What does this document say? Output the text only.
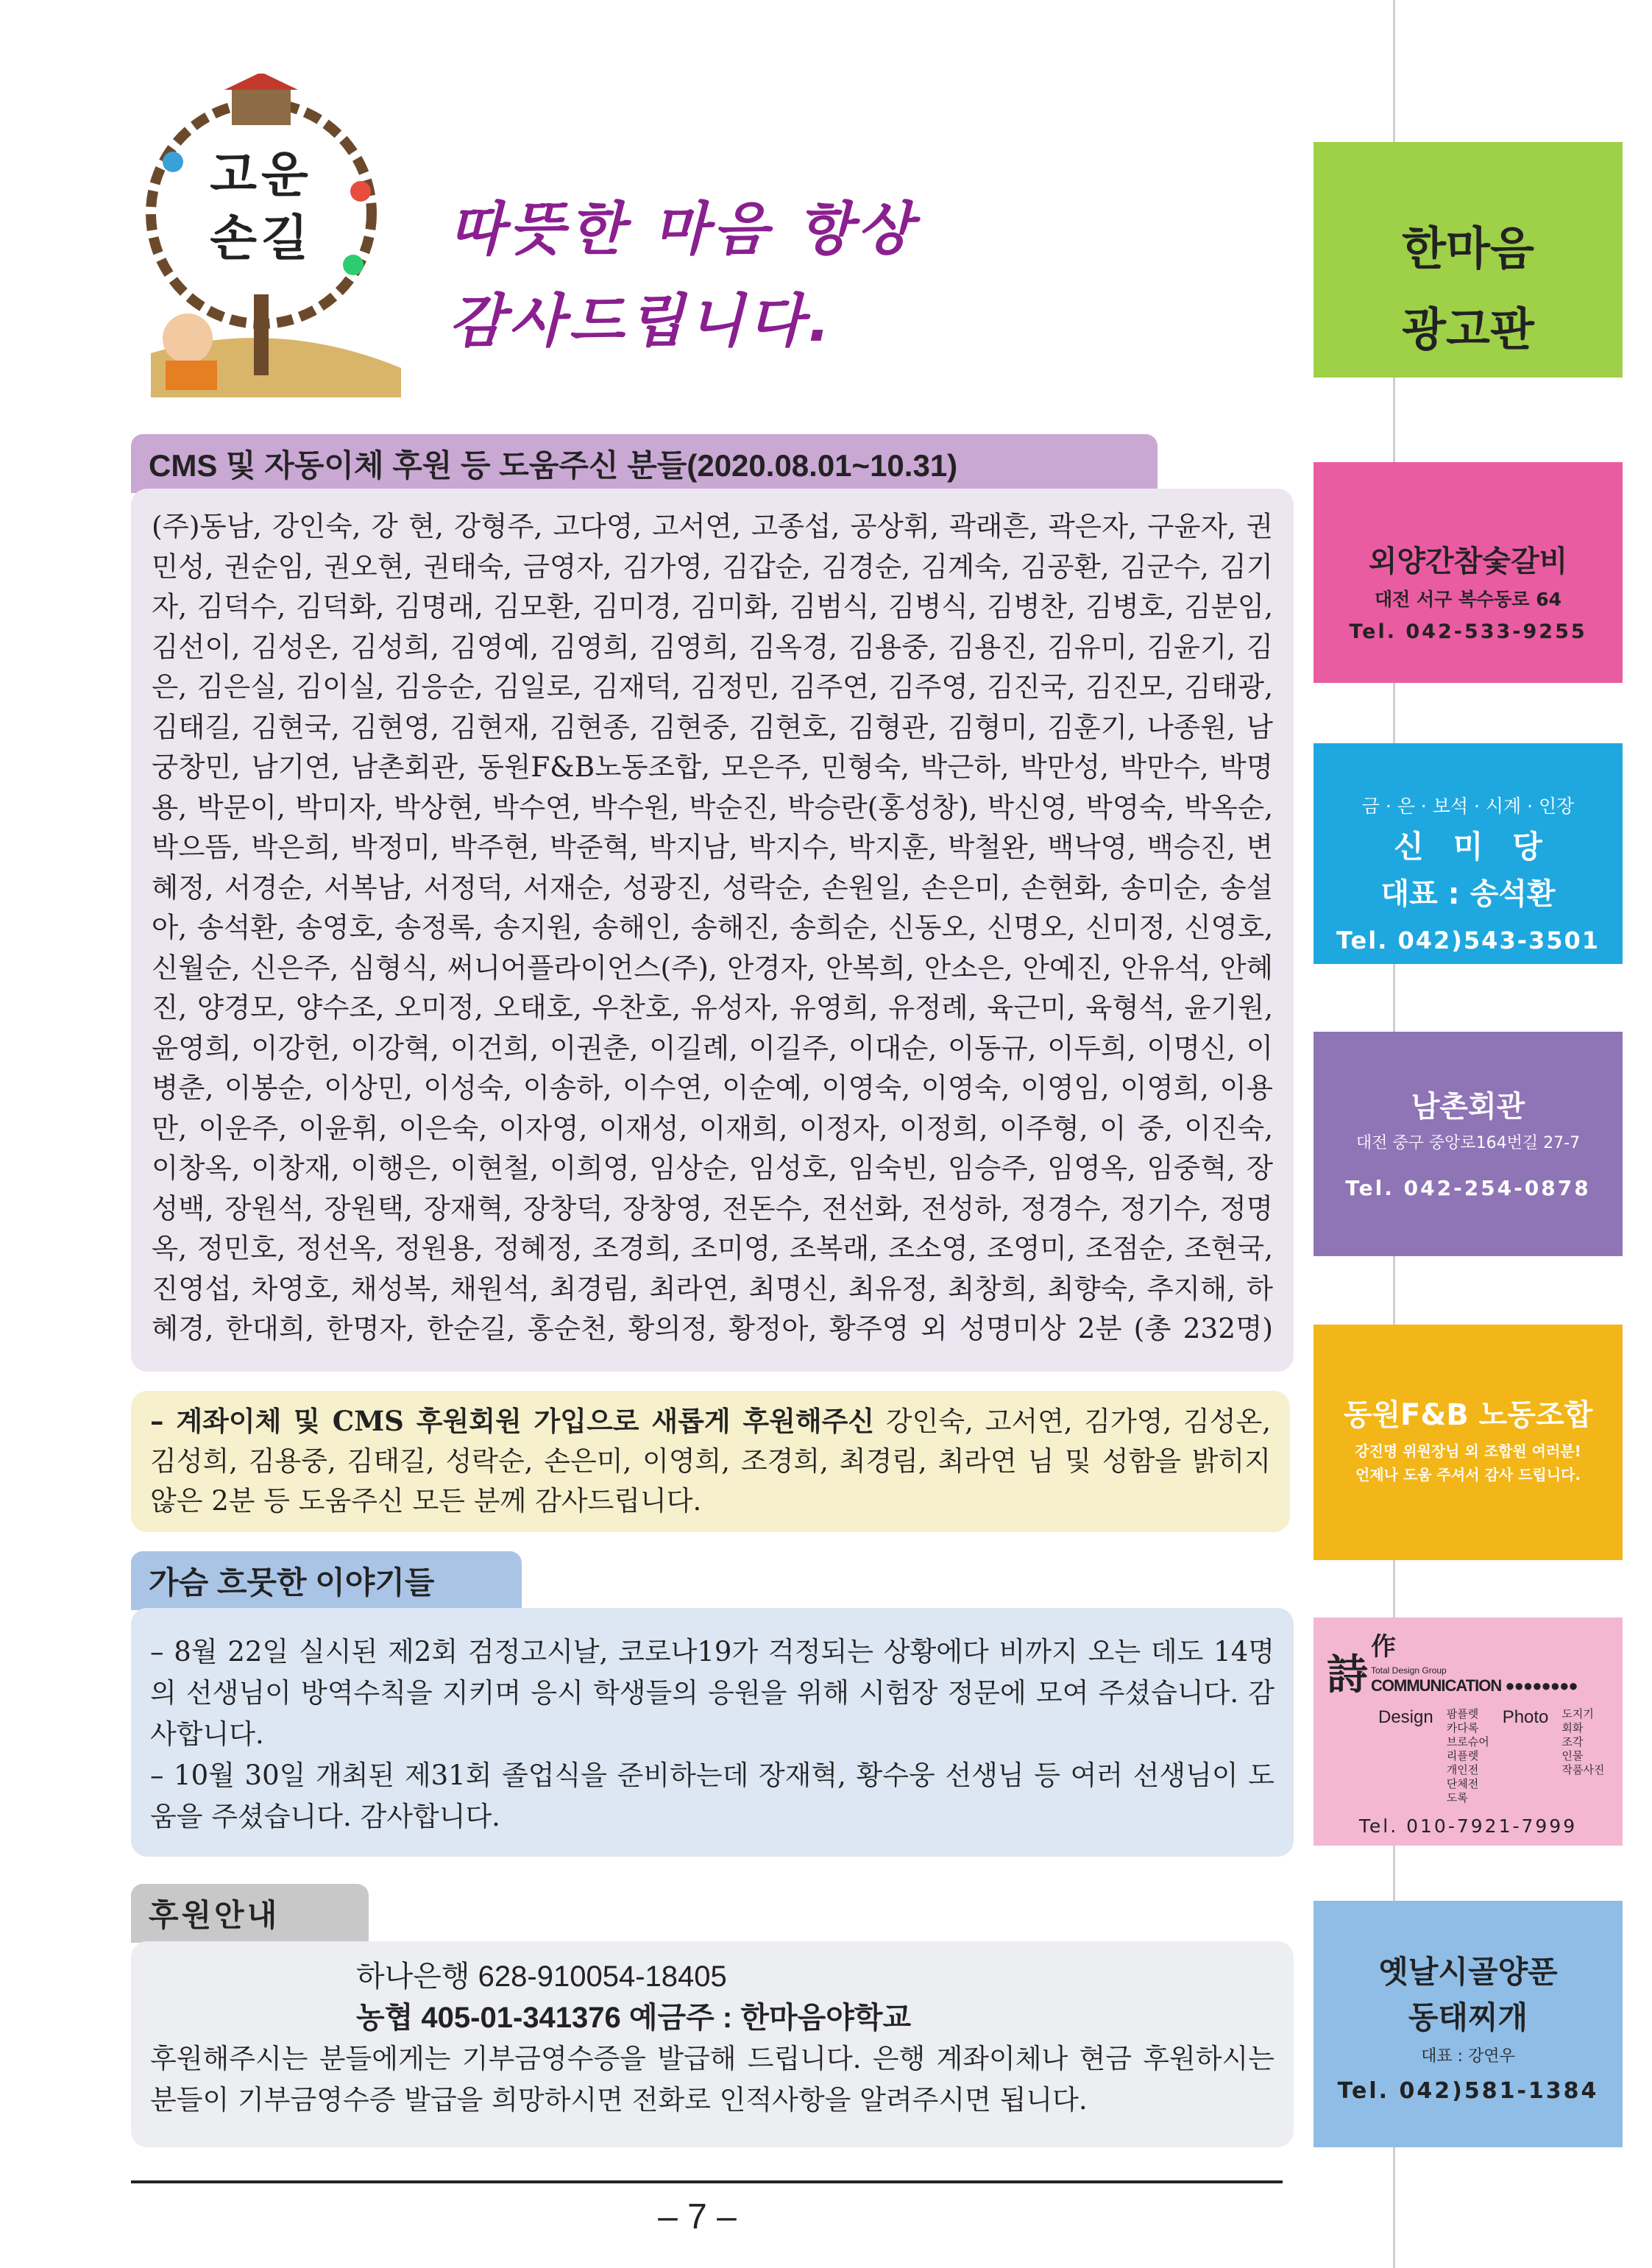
고운
손길 따뜻한 마음 항상
감사드립니다.
CMS 및 자동이체 후원 등 도움주신 분들(2020.08.01~10.31)
(주)동남, 강인숙, 강 현, 강형주, 고다영, 고서연, 고종섭, 공상휘, 곽래흔, 곽은자, 구윤자, 권민성, 권순임, 권오현, 권태숙, 금영자, 김가영, 김갑순, 김경순, 김계숙, 김공환, 김군수, 김기자, 김덕수, 김덕화, 김명래, 김모환, 김미경, 김미화, 김범식, 김병식, 김병찬, 김병호, 김분임, 김선이, 김성온, 김성희, 김영예, 김영희, 김영희, 김옥경, 김용중, 김용진, 김유미, 김윤기, 김 은, 김은실, 김이실, 김응순, 김일로, 김재덕, 김정민, 김주연, 김주영, 김진국, 김진모, 김태광, 김태길, 김현국, 김현영, 김현재, 김현종, 김현중, 김현호, 김형관, 김형미, 김훈기, 나종원, 남궁창민, 남기연, 남촌회관, 동원F&B노동조합, 모은주, 민형숙, 박근하, 박만성, 박만수, 박명용, 박문이, 박미자, 박상현, 박수연, 박수원, 박순진, 박승란(홍성창), 박신영, 박영숙, 박옥순, 박으뜸, 박은희, 박정미, 박주현, 박준혁, 박지남, 박지수, 박지훈, 박철완, 백낙영, 백승진, 변혜정, 서경순, 서복남, 서정덕, 서재순, 성광진, 성락순, 손원일, 손은미, 손현화, 송미순, 송설아, 송석환, 송영호, 송정록, 송지원, 송해인, 송해진, 송희순, 신동오, 신명오, 신미정, 신영호, 신월순, 신은주, 심형식, 써니어플라이언스(주), 안경자, 안복희, 안소은, 안예진, 안유석, 안혜진, 양경모, 양수조, 오미정, 오태호, 우찬호, 유성자, 유영희, 유정례, 육근미, 육형석, 윤기원, 윤영희, 이강헌, 이강혁, 이건희, 이권춘, 이길례, 이길주, 이대순, 이동규, 이두희, 이명신, 이병춘, 이봉순, 이상민, 이성숙, 이송하, 이수연, 이순예, 이영숙, 이영숙, 이영임, 이영희, 이용만, 이운주, 이윤휘, 이은숙, 이자영, 이재성, 이재희, 이정자, 이정희, 이주형, 이 중, 이진숙, 이창옥, 이창재, 이행은, 이현철, 이희영, 임상순, 임성호, 임숙빈, 임승주, 임영옥, 임중혁, 장성백, 장원석, 장원택, 장재혁, 장창덕, 장창영, 전돈수, 전선화, 전성하, 정경수, 정기수, 정명옥, 정민호, 정선옥, 정원용, 정혜정, 조경희, 조미영, 조복래, 조소영, 조영미, 조점순, 조현국, 진영섭, 차영호, 채성복, 채원석, 최경림, 최라연, 최명신, 최유정, 최창희, 최향숙, 추지해, 하혜경, 한대희, 한명자, 한순길, 홍순천, 황의정, 황정아, 황주영 외 성명미상 2분 (총 232명)
– 계좌이체 및 CMS 후원회원 가입으로 새롭게 후원해주신 강인숙, 고서연, 김가영, 김성온, 김성희, 김용중, 김태길, 성락순, 손은미, 이영희, 조경희, 최경림, 최라연 님 및 성함을 밝히지 않은 2분 등 도움주신 모든 분께 감사드립니다.
가슴 흐뭇한 이야기들
– 8월 22일 실시된 제2회 검정고시날, 코로나19가 걱정되는 상황에다 비까지 오는 데도 14명의 선생님이 방역수칙을 지키며 응시 학생들의 응원을 위해 시험장 정문에 모여 주셨습니다. 감사합니다.
– 10월 30일 개최된 제31회 졸업식을 준비하는데 장재혁, 황수웅 선생님 등 여러 선생님이 도움을 주셨습니다. 감사합니다.
후원안내
하나은행 628-910054-18405
농협 405-01-341376 예금주 : 한마음야학교
후원해주시는 분들에게는 기부금영수증을 발급해 드립니다. 은행 계좌이체나 현금 후원하시는 분들이 기부금영수증 발급을 희망하시면 전화로 인적사항을 알려주시면 됩니다.
– 7 –
한마음
광고판
외양간참숯갈비
대전 서구 복수동로 64
Tel. 042-533-9255
금 · 은 · 보석 · 시계 · 인장
신미당
대표 : 송석환
Tel. 042)543-3501
남촌회관
대전 중구 중앙로164번길 27-7
Tel. 042-254-0878
동원F&B 노동조합
강진명 위원장님 외 조합원 여러분!
언제나 도움 주셔서 감사 드립니다.
詩
作
Total Design Group
COMMUNICATION ●●●●●●●●
Design 팜플렛
카다록
브로슈어
리플렛
개인전
단체전
도록
Photo 도지기
회화
조각
인물
작품사진
Tel. 010-7921-7999
옛날시골양푼
동태찌개
대표 : 강연우
Tel. 042)581-1384
